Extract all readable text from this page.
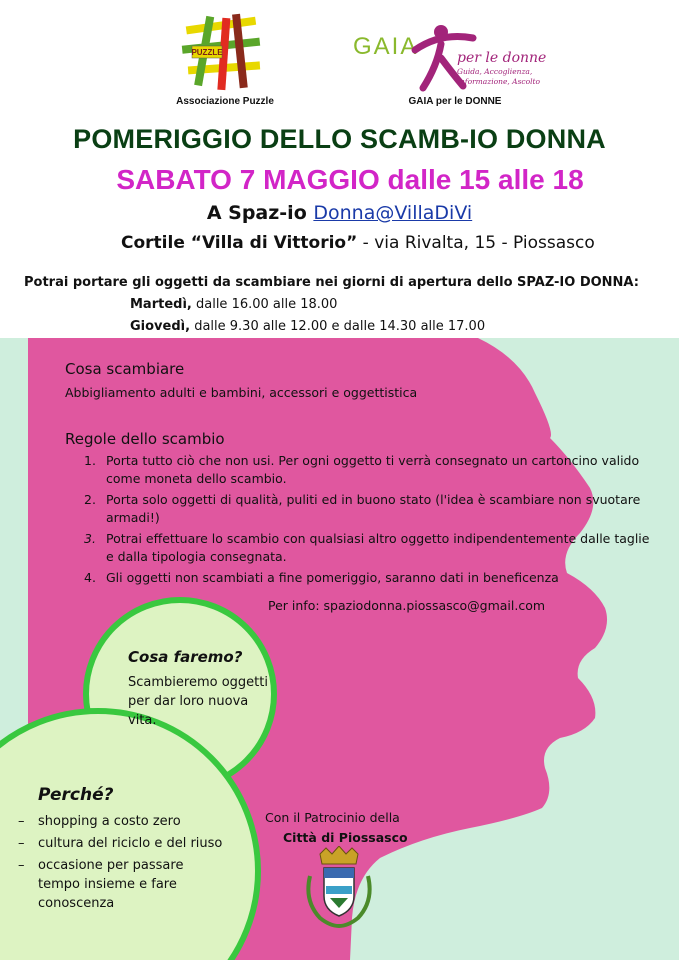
PUZZLE
Associazione Puzzle
GAIA	per le donne
Guida, Accoglienza,
Informazione, Ascolto
GAIA per le DONNE
POMERIGGIO DELLO SCAMB-IO DONNA
SABATO 7 MAGGIO dalle 15 alle 18
A Spaz-io Donna@VillaDiVi
Cortile “Villa di Vittorio” - via Rivalta, 15 - Piossasco
Potrai portare gli oggetti da scambiare nei giorni di apertura dello SPAZ-IO DONNA:
Martedì, dalle 16.00 alle 18.00
Giovedì, dalle 9.30 alle 12.00 e dalle 14.30 alle 17.00
Cosa scambiare
Abbigliamento adulti e bambini, accessori e oggettistica
Regole dello scambio
1. Porta tutto ciò che non usi. Per ogni oggetto ti verrà consegnato un cartoncino valido come moneta dello scambio.
2. Porta solo oggetti di qualità, puliti ed in buono stato (l'idea è scambiare non svuotare armadi!)
3. Potrai effettuare lo scambio con qualsiasi altro oggetto indipendentemente dalle taglie e dalla tipologia consegnata.
4. Gli oggetti non scambiati a fine pomeriggio, saranno dati in beneficenza
Per info: spaziodonna.piossasco@gmail.com
Cosa faremo?
Scambieremo oggetti per dar loro nuova vita.
Perché?
– shopping a costo zero
– cultura del riciclo e del riuso
– occasione per passare tempo insieme e fare conoscenza
Con il Patrocinio della
Città di Piossasco
